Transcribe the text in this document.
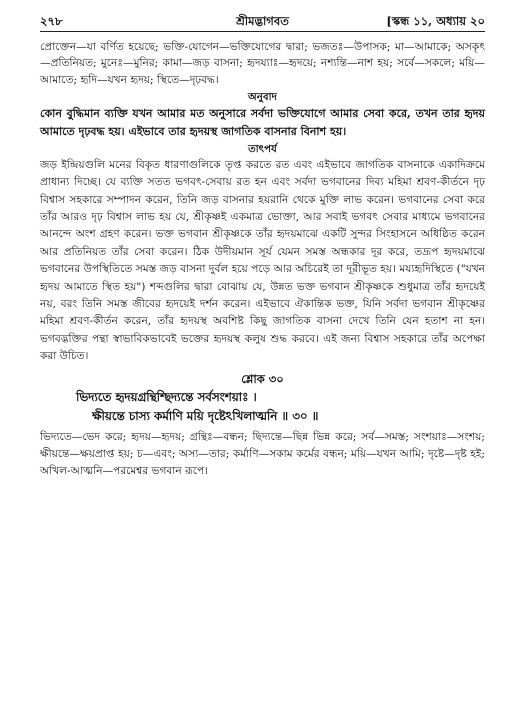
২৭৮	শ্রীমদ্ভাগবত	[স্কন্ধ ১১, অধ্যায় ২০

প্রোক্তেন—যা বর্ণিত হয়েছে; ভক্তি-যোগেন—ভক্তিযোগের দ্বারা; ভজতঃ—উপাসক; মা—আমাকে; অসকৃৎ—প্রতিনিয়ত; মুনেঃ—মুনির; কামা—জড় বাসনা; হৃদয্যাঃ—হৃদয়ে; নশ্যন্তি—নাশ হয়; সর্বে—সকলে; ময়ি—আমাতে; হৃদি—যখন হৃদয়; স্থিতে—দৃঢ়বদ্ধ।

অনুবাদ

কোন বুদ্ধিমান ব্যক্তি যখন আমার মত অনুসারে সর্বদা ভক্তিযোগে আমার সেবা করে, তখন তার হৃদয় আমাতে দৃঢ়বদ্ধ হয়। এইভাবে তার হৃদয়স্থ জাগতিক বাসনার বিনাশ হয়।

তাৎপর্য

জড় ইন্দ্রিয়গুলি মনের বিকৃত ধারণাগুলিকে তৃপ্ত করতে রত এবং এইভাবে জাগতিক বাসনাকে একাদিক্রমে প্রাধান্য দিচ্ছে। যে ব্যক্তি সতত ভগবৎ-সেবায় রত হন এবং সর্বদা ভগবানের দিব্য মহিমা শ্রবণ-কীর্তনে দৃঢ় বিশ্বাস সহকারে সম্পাদন করেন, তিনি জড় বাসনার হয়রানি থেকে মুক্তি লাভ করেন। ভগবানের সেবা করে তাঁর আরও দৃঢ় বিশ্বাস লাভ হয় যে, শ্রীকৃষ্ণই একমাত্র ভোক্তা, আর সবাই ভগবৎ সেবার মাধ্যমে ভগবানের আনন্দে অংশ গ্রহণ করেন। ভক্ত ভগবান শ্রীকৃষ্ণকে তাঁর হৃদয়মাঝে একটি সুন্দর সিংহাসনে অধিষ্ঠিত করেন আর প্রতিনিয়ত তাঁর সেবা করেন। ঠিক উদীয়মান সূর্য যেমন সমস্ত অন্ধকার দূর করে, তদ্রূপ হৃদয়মাঝে ভগবানের উপস্থিতিতে সমস্ত জড় বাসনা দুর্বল হয়ে পড়ে আর অচিরেই তা দূরীভূত হয়। ময্যহৃদিস্থিতে ("যখন হৃদয় আমাতে স্থিত হয়") শব্দগুলির দ্বারা বোঝায় যে, উন্নত ভক্ত ভগবান শ্রীকৃষ্ণকে শুধুমাত্র তাঁর হৃদয়েই নয়, বরং তিনি সমস্ত জীবের হৃদয়েই দর্শন করেন। এইভাবে ঐকান্তিক ভক্ত, যিনি সর্বদা ভগবান শ্রীকৃষ্ণের মহিমা শ্রবণ-কীর্তন করেন, তাঁর হৃদয়স্থ অবশিষ্ট কিছু জাগতিক বাসনা দেখে তিনি যেন হতাশ না হন। ভগবদ্ভক্তির পন্থা স্বাভাবিকভাবেই ভক্তের হৃদয়স্থ কলুষ শুদ্ধ করবে। এই জন্য বিশ্বাস সহকারে তাঁর অপেক্ষা করা উচিত।

শ্লোক ৩০
ভিদ্যতে হৃদয়গ্রন্থিশ্ছিদ্যন্তে সর্বসংশয়াঃ ।
ক্ষীয়ন্তে চাস্য কর্মাণি ময়ি দৃষ্টেঽখিলাত্মনি ॥ ৩০ ॥

ভিদ্যতে—ভেদ করে; হৃদয়—হৃদয়; গ্রন্থিঃ—বন্ধন; ছিদ্যন্তে—ছিন্ন ভিন্ন করে; সর্ব—সমস্ত; সংশয়াঃ—সংশয়; ক্ষীয়ন্তে—ক্ষয়প্রাপ্ত হয়; চ—এবং; অস্য—তার; কর্মাণি—সকাম কর্মের বন্ধন; ময়ি—যখন আমি; দৃষ্টে—দৃষ্ট হই; অখিল-আত্মনি—পরমেশ্বর ভগবান রূপে।
